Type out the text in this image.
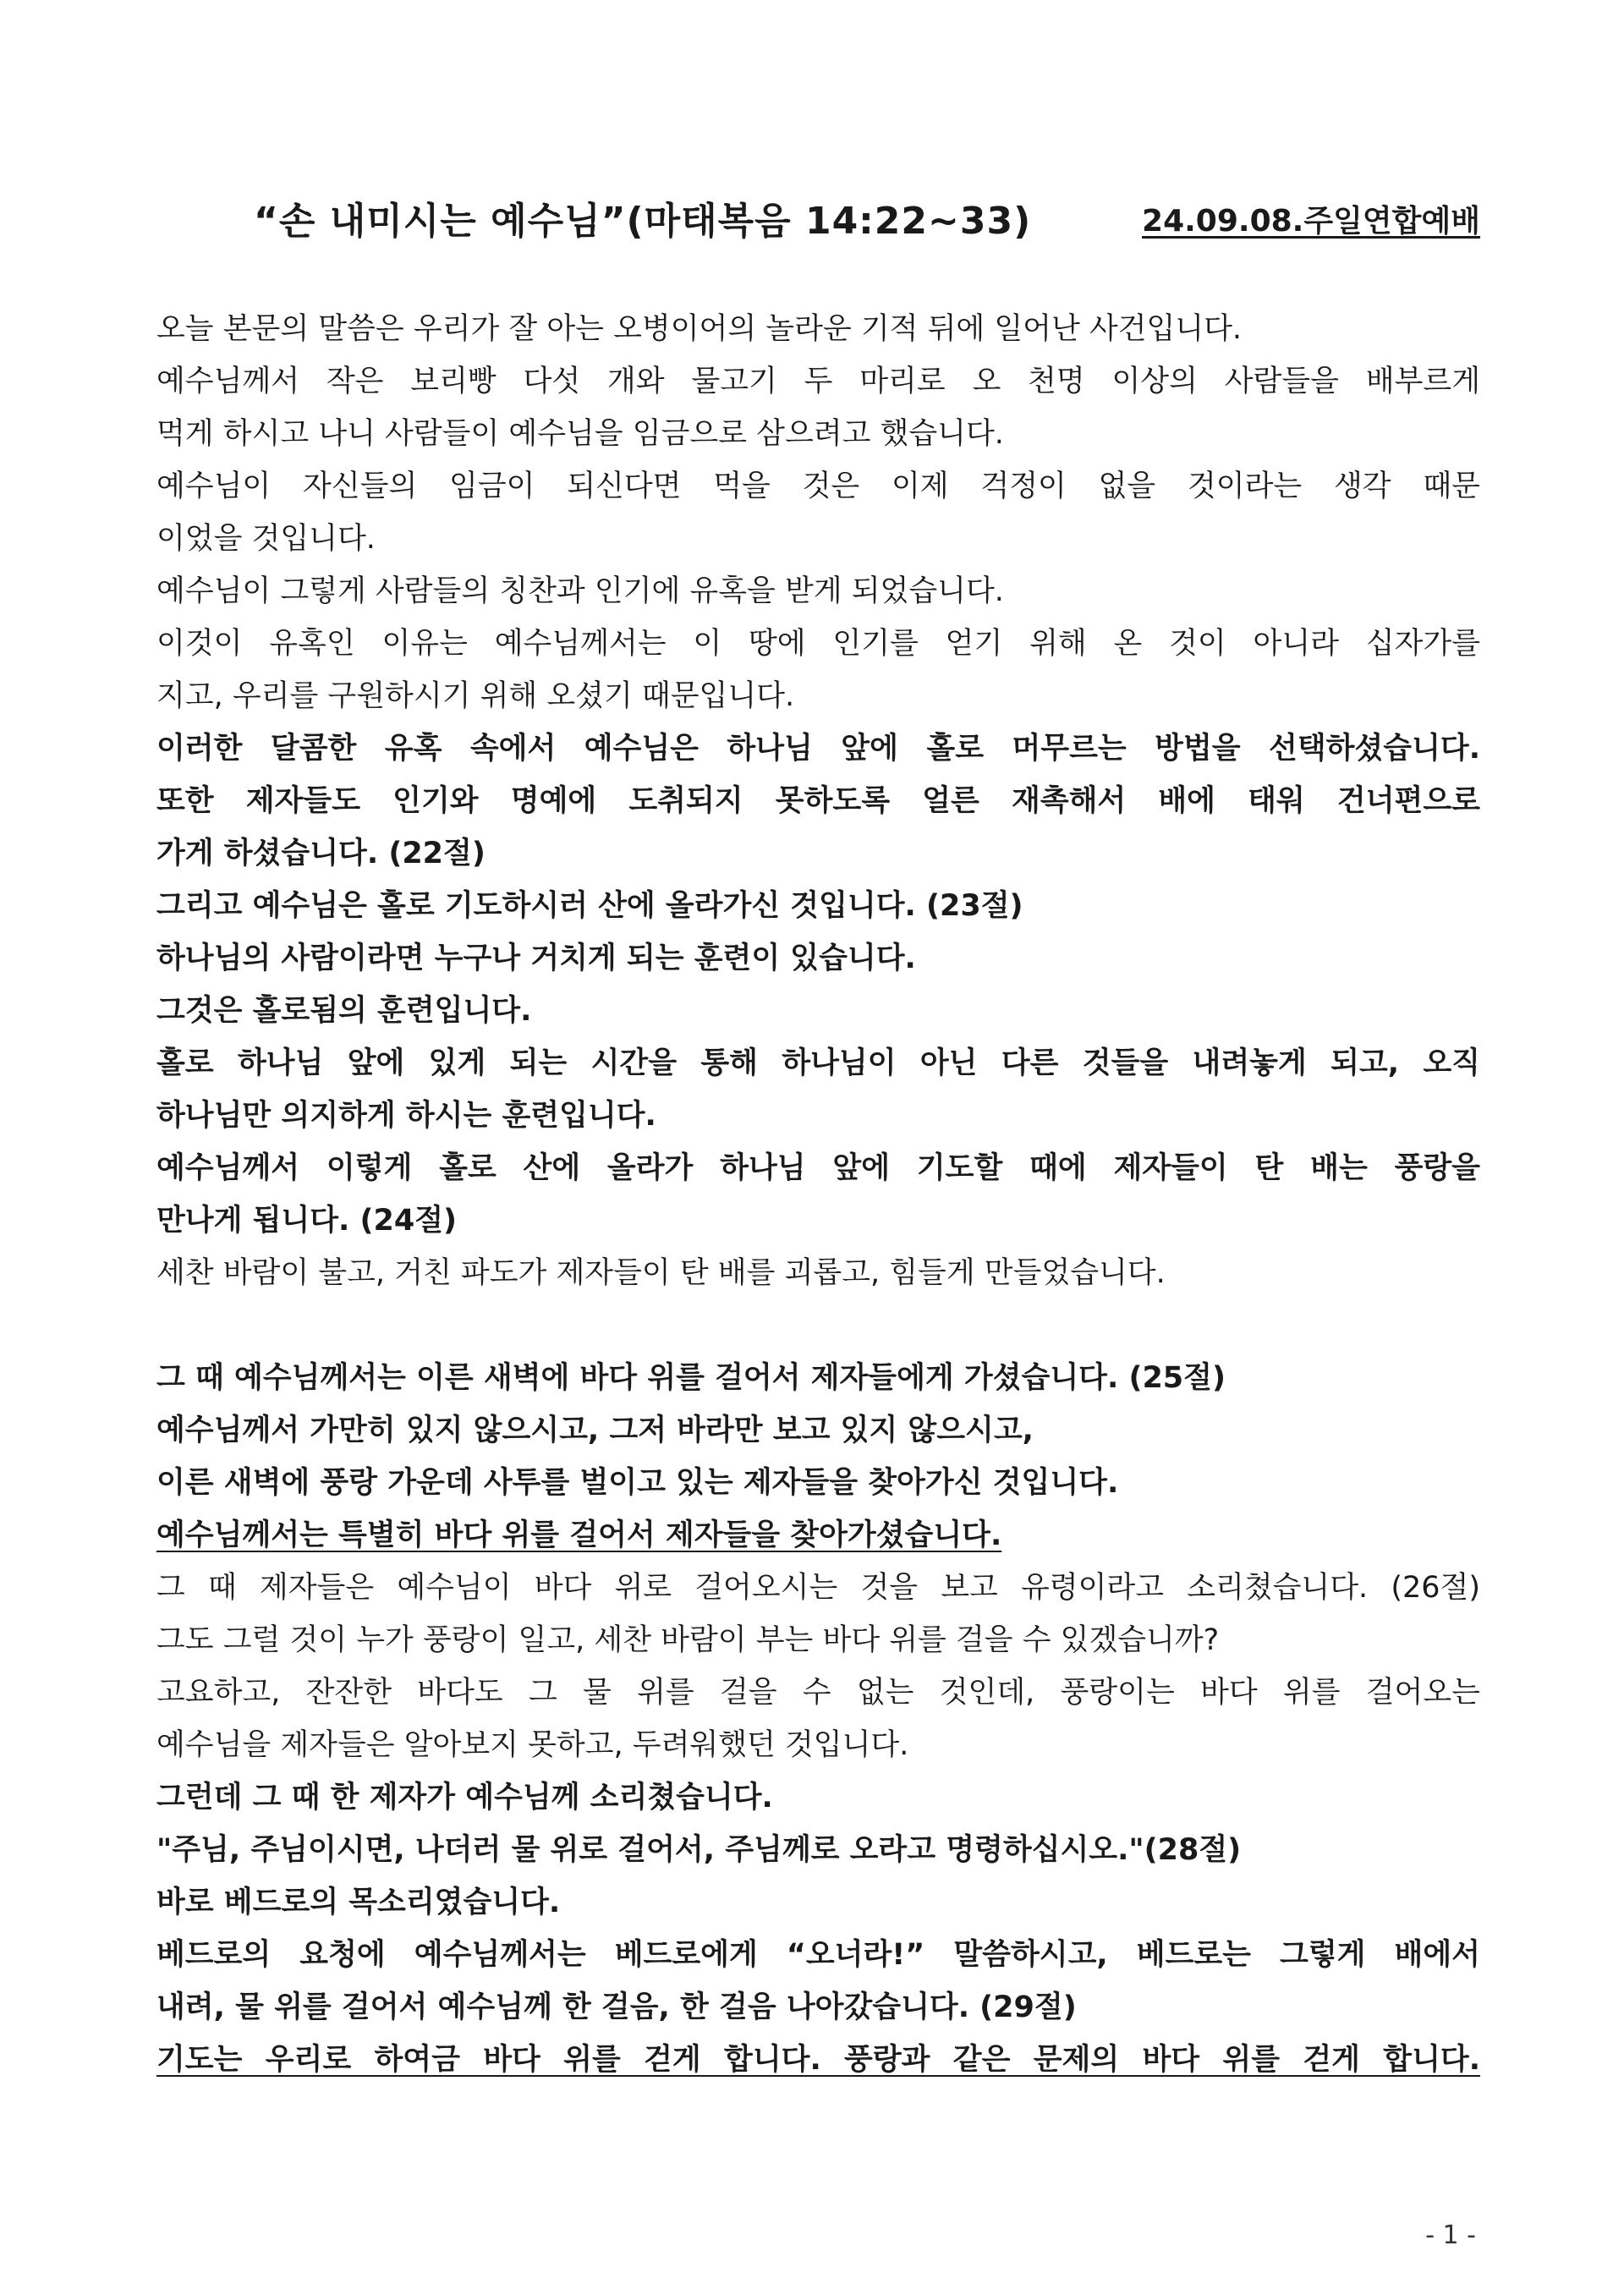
“손 내미시는 예수님”(마태복음 14:22~33)	24.09.08.주일연합예배
오늘 본문의 말씀은 우리가 잘 아는 오병이어의 놀라운 기적 뒤에 일어난 사건입니다.
예수님께서 작은 보리빵 다섯 개와 물고기 두 마리로 오 천명 이상의 사람들을 배부르게
먹게 하시고 나니 사람들이 예수님을 임금으로 삼으려고 했습니다.
예수님이 자신들의 임금이 되신다면 먹을 것은 이제 걱정이 없을 것이라는 생각 때문
이었을 것입니다.
예수님이 그렇게 사람들의 칭찬과 인기에 유혹을 받게 되었습니다.
이것이 유혹인 이유는 예수님께서는 이 땅에 인기를 얻기 위해 온 것이 아니라 십자가를
지고, 우리를 구원하시기 위해 오셨기 때문입니다.
이러한 달콤한 유혹 속에서 예수님은 하나님 앞에 홀로 머무르는 방법을 선택하셨습니다.
또한 제자들도 인기와 명예에 도취되지 못하도록 얼른 재촉해서 배에 태워 건너편으로
가게 하셨습니다. (22절)
그리고 예수님은 홀로 기도하시러 산에 올라가신 것입니다. (23절)
하나님의 사람이라면 누구나 거치게 되는 훈련이 있습니다.
그것은 홀로됨의 훈련입니다.
홀로 하나님 앞에 있게 되는 시간을 통해 하나님이 아닌 다른 것들을 내려놓게 되고, 오직
하나님만 의지하게 하시는 훈련입니다.
예수님께서 이렇게 홀로 산에 올라가 하나님 앞에 기도할 때에 제자들이 탄 배는 풍랑을
만나게 됩니다. (24절)
세찬 바람이 불고, 거친 파도가 제자들이 탄 배를 괴롭고, 힘들게 만들었습니다.
그 때 예수님께서는 이른 새벽에 바다 위를 걸어서 제자들에게 가셨습니다. (25절)
예수님께서 가만히 있지 않으시고, 그저 바라만 보고 있지 않으시고,
이른 새벽에 풍랑 가운데 사투를 벌이고 있는 제자들을 찾아가신 것입니다.
예수님께서는 특별히 바다 위를 걸어서 제자들을 찾아가셨습니다.
그 때 제자들은 예수님이 바다 위로 걸어오시는 것을 보고 유령이라고 소리쳤습니다. (26절)
그도 그럴 것이 누가 풍랑이 일고, 세찬 바람이 부는 바다 위를 걸을 수 있겠습니까?
고요하고, 잔잔한 바다도 그 물 위를 걸을 수 없는 것인데, 풍랑이는 바다 위를 걸어오는
예수님을 제자들은 알아보지 못하고, 두려워했던 것입니다.
그런데 그 때 한 제자가 예수님께 소리쳤습니다.
"주님, 주님이시면, 나더러 물 위로 걸어서, 주님께로 오라고 명령하십시오."(28절)
바로 베드로의 목소리였습니다.
베드로의 요청에 예수님께서는 베드로에게 “오너라!” 말씀하시고, 베드로는 그렇게 배에서
내려, 물 위를 걸어서 예수님께 한 걸음, 한 걸음 나아갔습니다. (29절)
기도는 우리로 하여금 바다 위를 걷게 합니다. 풍랑과 같은 문제의 바다 위를 걷게 합니다.
- 1 -
